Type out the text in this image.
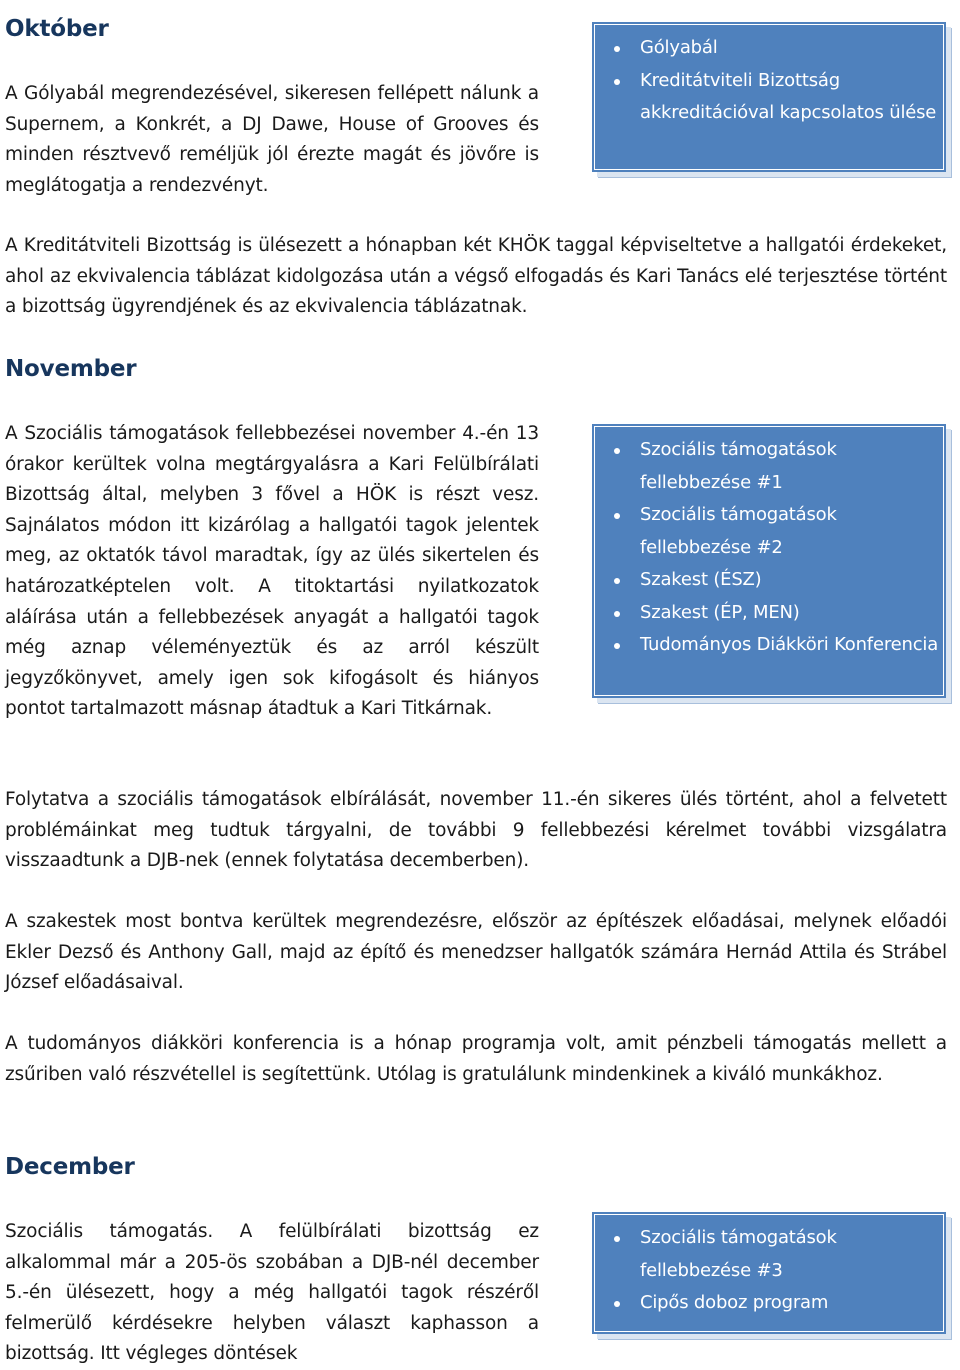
Október

A Gólyabál megrendezésével, sikeresen fellépett nálunk a Supernem, a Konkrét, a DJ Dawe, House of Grooves és minden résztvevő reméljük jól érezte magát és jövőre is meglátogatja a rendezvényt.

Gólyabál
Kreditátviteli Bizottság akkreditációval kapcsolatos ülése

A Kreditátviteli Bizottság is ülésezett a hónapban két KHÖK taggal képviseltetve a hallgatói érdekeket, ahol az ekvivalencia táblázat kidolgozása után a végső elfogadás és Kari Tanács elé terjesztése történt a bizottság ügyrendjének és az ekvivalencia táblázatnak.

November

A Szociális támogatások fellebbezései november 4.-én 13 órakor kerültek volna megtárgyalásra a Kari Felülbírálati Bizottság által, melyben 3 fővel a HÖK is részt vesz. Sajnálatos módon itt kizárólag a hallgatói tagok jelentek meg, az oktatók távol maradtak, így az ülés sikertelen és határozatképtelen volt. A titoktartási nyilatkozatok aláírása után a fellebbezések anyagát a hallgatói tagok még aznap véleményeztük és az arról készült jegyzőkönyvet, amely igen sok kifogásolt és hiányos pontot tartalmazott másnap átadtuk a Kari Titkárnak.

Szociális támogatások fellebbezése #1
Szociális támogatások fellebbezése #2
Szakest (ÉSZ)
Szakest (ÉP, MEN)
Tudományos Diákköri Konferencia

Folytatva a szociális támogatások elbírálását, november 11.-én sikeres ülés történt, ahol a felvetett problémáinkat meg tudtuk tárgyalni, de további 9 fellebbezési kérelmet további vizsgálatra visszaadtunk a DJB-nek (ennek folytatása decemberben).

A szakestek most bontva kerültek megrendezésre, először az építészek előadásai, melynek előadói Ekler Dezső és Anthony Gall, majd az építő és menedzser hallgatók számára Hernád Attila és Strábel József előadásaival.

A tudományos diákköri konferencia is a hónap programja volt, amit pénzbeli támogatás mellett a zsűriben való részvétellel is segítettünk. Utólag is gratulálunk mindenkinek a kiváló munkákhoz.

December

Szociális támogatás. A felülbírálati bizottság ez alkalommal már a 205-ös szobában a DJB-nél december 5.-én ülésezett, hogy a még hallgatói tagok részéről felmerülő kérdésekre helyben választ kaphasson a bizottság. Itt végleges döntések

Szociális támogatások fellebbezése #3
Cipős doboz program
